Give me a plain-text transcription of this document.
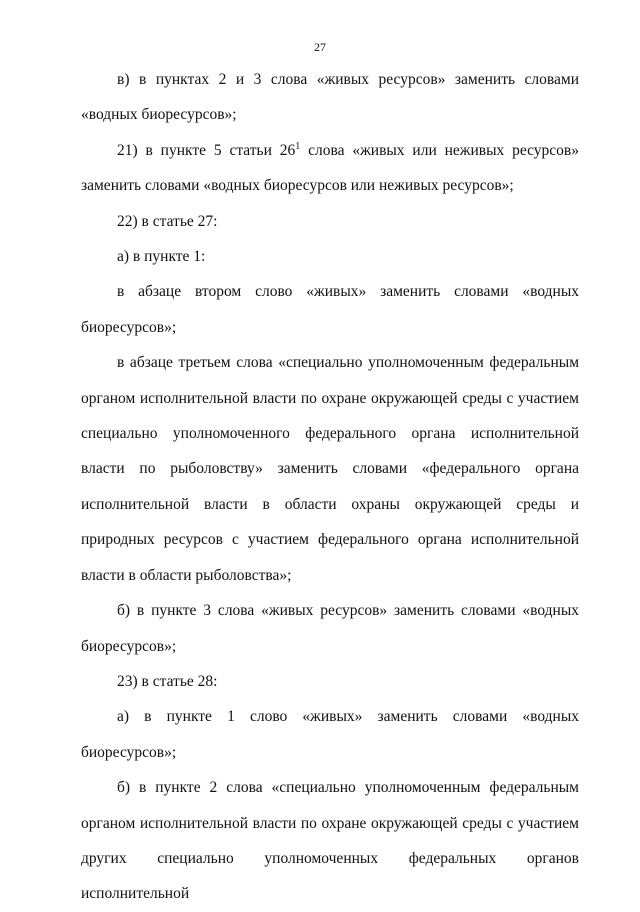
27

в) в пунктах 2 и 3 слова «живых ресурсов» заменить словами «водных биоресурсов»;

21) в пункте 5 статьи $26^1$ слова «живых или неживых ресурсов» заменить словами «водных биоресурсов или неживых ресурсов»;

22) в статье 27:

а) в пункте 1:

в абзаце втором слово «живых» заменить словами «водных биоресурсов»;

в абзаце третьем слова «специально уполномоченным федеральным органом исполнительной власти по охране окружающей среды с участием специально уполномоченного федерального органа исполнительной власти по рыболовству» заменить словами «федерального органа исполнительной власти в области охраны окружающей среды и природных ресурсов с участием федерального органа исполнительной власти в области рыболовства»;

б) в пункте 3 слова «живых ресурсов» заменить словами «водных биоресурсов»;

23) в статье 28:

а) в пункте 1 слово «живых» заменить словами «водных биоресурсов»;

б) в пункте 2 слова «специально уполномоченным федеральным органом исполнительной власти по охране окружающей среды с участием других специально уполномоченных федеральных органов исполнительной
